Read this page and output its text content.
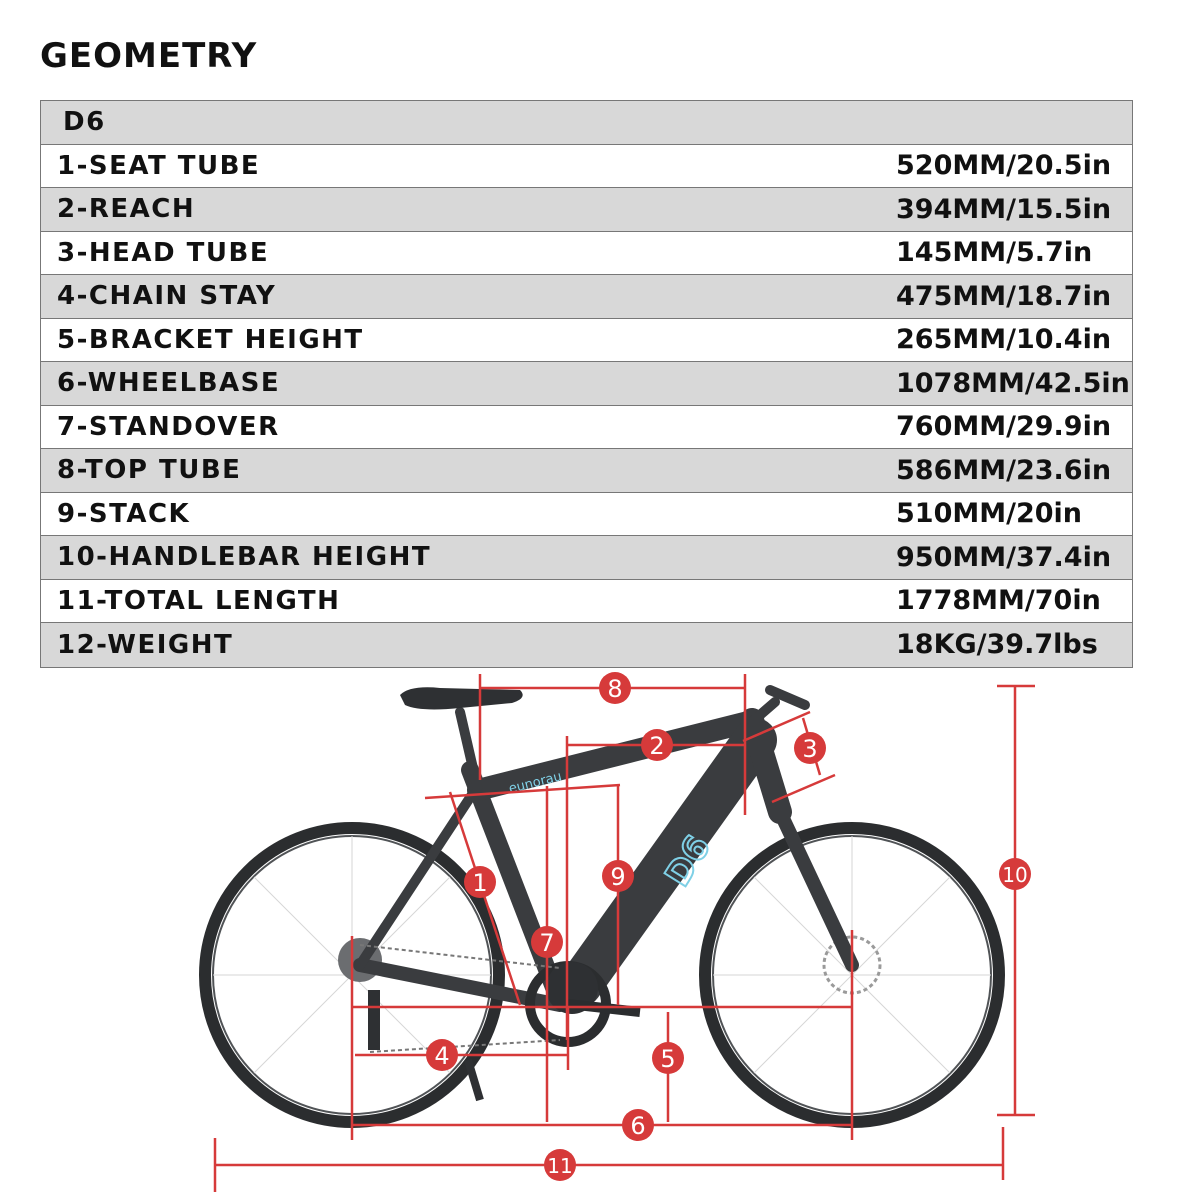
GEOMETRY
D6
1-SEAT TUBE	520MM/20.5in
2-REACH	394MM/15.5in
3-HEAD TUBE	145MM/5.7in
4-CHAIN STAY	475MM/18.7in
5-BRACKET HEIGHT	265MM/10.4in
6-WHEELBASE	1078MM/42.5in
7-STANDOVER	760MM/29.9in
8-TOP TUBE	586MM/23.6in
9-STACK	510MM/20in
10-HANDLEBAR HEIGHT	950MM/37.4in
11-TOTAL LENGTH	1778MM/70in
12-WEIGHT	18KG/39.7lbs
D6
eunorau
8
2	3
1	9
7
4	5
6
11
10
